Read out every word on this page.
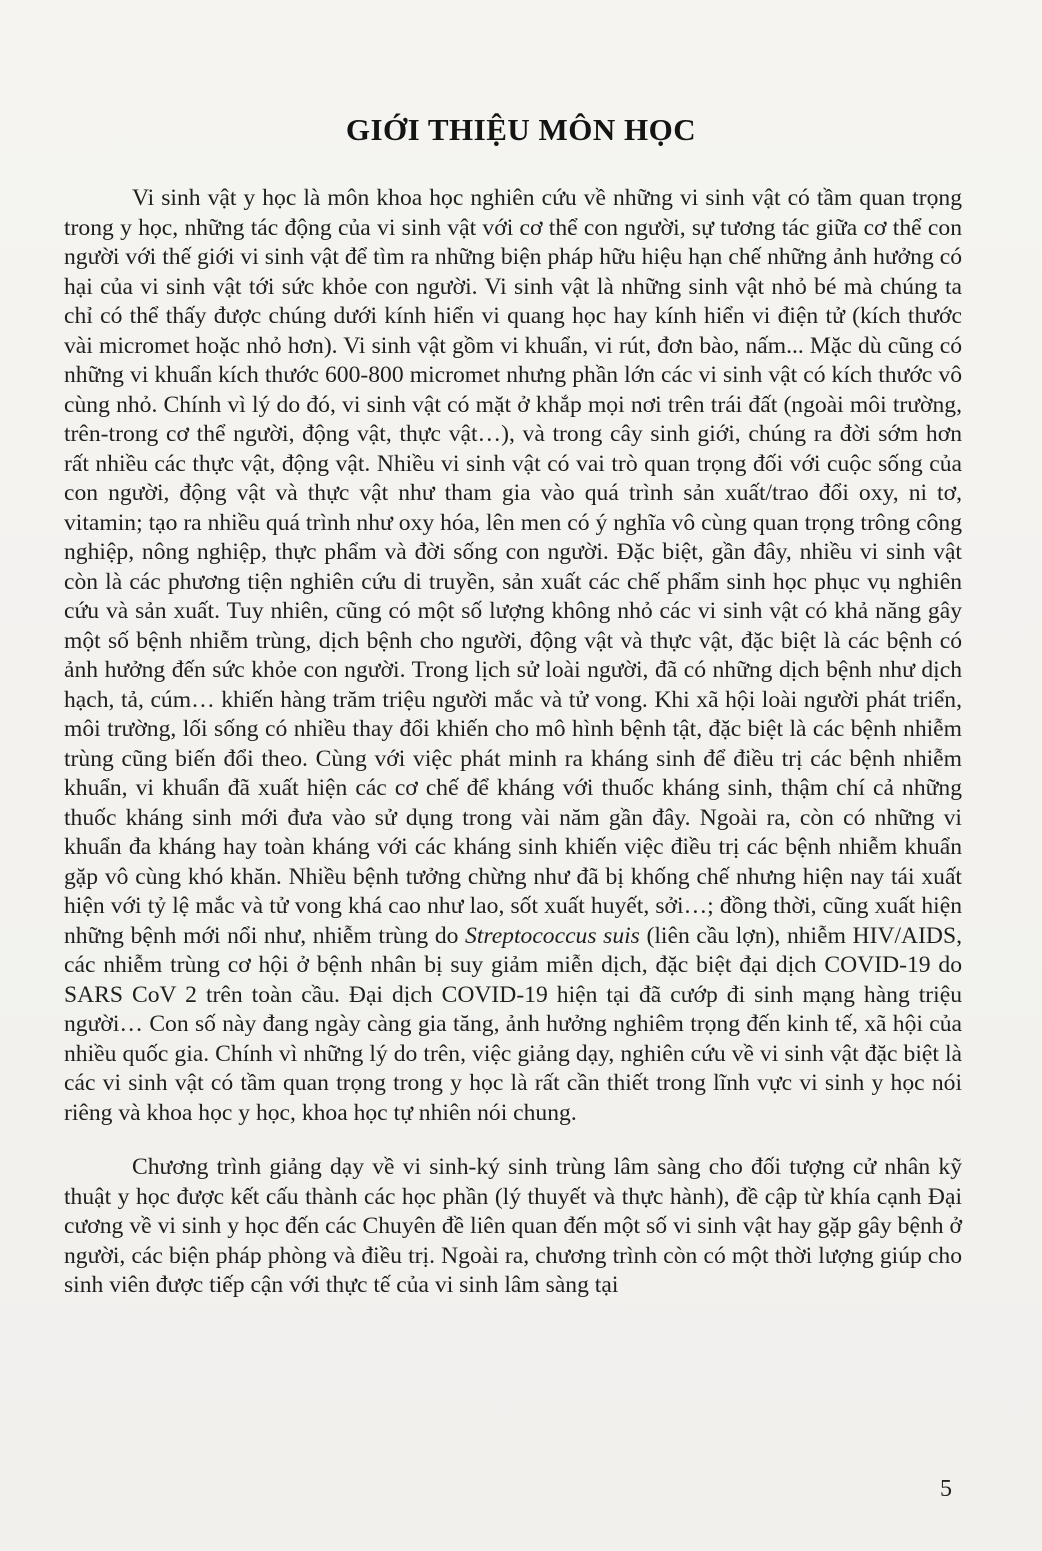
GIỚI THIỆU MÔN HỌC

Vi sinh vật y học là môn khoa học nghiên cứu về những vi sinh vật có tầm quan trọng trong y học, những tác động của vi sinh vật với cơ thể con người, sự tương tác giữa cơ thể con người với thế giới vi sinh vật để tìm ra những biện pháp hữu hiệu hạn chế những ảnh hưởng có hại của vi sinh vật tới sức khỏe con người. Vi sinh vật là những sinh vật nhỏ bé mà chúng ta chỉ có thể thấy được chúng dưới kính hiển vi quang học hay kính hiển vi điện tử (kích thước vài micromet hoặc nhỏ hơn). Vi sinh vật gồm vi khuẩn, vi rút, đơn bào, nấm... Mặc dù cũng có những vi khuẩn kích thước 600-800 micromet nhưng phần lớn các vi sinh vật có kích thước vô cùng nhỏ. Chính vì lý do đó, vi sinh vật có mặt ở khắp mọi nơi trên trái đất (ngoài môi trường, trên-trong cơ thể người, động vật, thực vật…), và trong cây sinh giới, chúng ra đời sớm hơn rất nhiều các thực vật, động vật. Nhiều vi sinh vật có vai trò quan trọng đối với cuộc sống của con người, động vật và thực vật như tham gia vào quá trình sản xuất/trao đổi oxy, ni tơ, vitamin; tạo ra nhiều quá trình như oxy hóa, lên men có ý nghĩa vô cùng quan trọng trông công nghiệp, nông nghiệp, thực phẩm và đời sống con người. Đặc biệt, gần đây, nhiều vi sinh vật còn là các phương tiện nghiên cứu di truyền, sản xuất các chế phẩm sinh học phục vụ nghiên cứu và sản xuất. Tuy nhiên, cũng có một số lượng không nhỏ các vi sinh vật có khả năng gây một số bệnh nhiễm trùng, dịch bệnh cho người, động vật và thực vật, đặc biệt là các bệnh có ảnh hưởng đến sức khỏe con người. Trong lịch sử loài người, đã có những dịch bệnh như dịch hạch, tả, cúm… khiến hàng trăm triệu người mắc và tử vong. Khi xã hội loài người phát triển, môi trường, lối sống có nhiều thay đổi khiến cho mô hình bệnh tật, đặc biệt là các bệnh nhiễm trùng cũng biến đổi theo. Cùng với việc phát minh ra kháng sinh để điều trị các bệnh nhiễm khuẩn, vi khuẩn đã xuất hiện các cơ chế để kháng với thuốc kháng sinh, thậm chí cả những thuốc kháng sinh mới đưa vào sử dụng trong vài năm gần đây. Ngoài ra, còn có những vi khuẩn đa kháng hay toàn kháng với các kháng sinh khiến việc điều trị các bệnh nhiễm khuẩn gặp vô cùng khó khăn. Nhiều bệnh tưởng chừng như đã bị khống chế nhưng hiện nay tái xuất hiện với tỷ lệ mắc và tử vong khá cao như lao, sốt xuất huyết, sởi…; đồng thời, cũng xuất hiện những bệnh mới nổi như, nhiễm trùng do Streptococcus suis (liên cầu lợn), nhiễm HIV/AIDS, các nhiễm trùng cơ hội ở bệnh nhân bị suy giảm miễn dịch, đặc biệt đại dịch COVID-19 do SARS CoV 2 trên toàn cầu. Đại dịch COVID-19 hiện tại đã cướp đi sinh mạng hàng triệu người… Con số này đang ngày càng gia tăng, ảnh hưởng nghiêm trọng đến kinh tế, xã hội của nhiều quốc gia. Chính vì những lý do trên, việc giảng dạy, nghiên cứu về vi sinh vật đặc biệt là các vi sinh vật có tầm quan trọng trong y học là rất cần thiết trong lĩnh vực vi sinh y học nói riêng và khoa học y học, khoa học tự nhiên nói chung.

Chương trình giảng dạy về vi sinh-ký sinh trùng lâm sàng cho đối tượng cử nhân kỹ thuật y học được kết cấu thành các học phần (lý thuyết và thực hành), đề cập từ khía cạnh Đại cương về vi sinh y học đến các Chuyên đề liên quan đến một số vi sinh vật hay gặp gây bệnh ở người, các biện pháp phòng và điều trị. Ngoài ra, chương trình còn có một thời lượng giúp cho sinh viên được tiếp cận với thực tế của vi sinh lâm sàng tại

5
